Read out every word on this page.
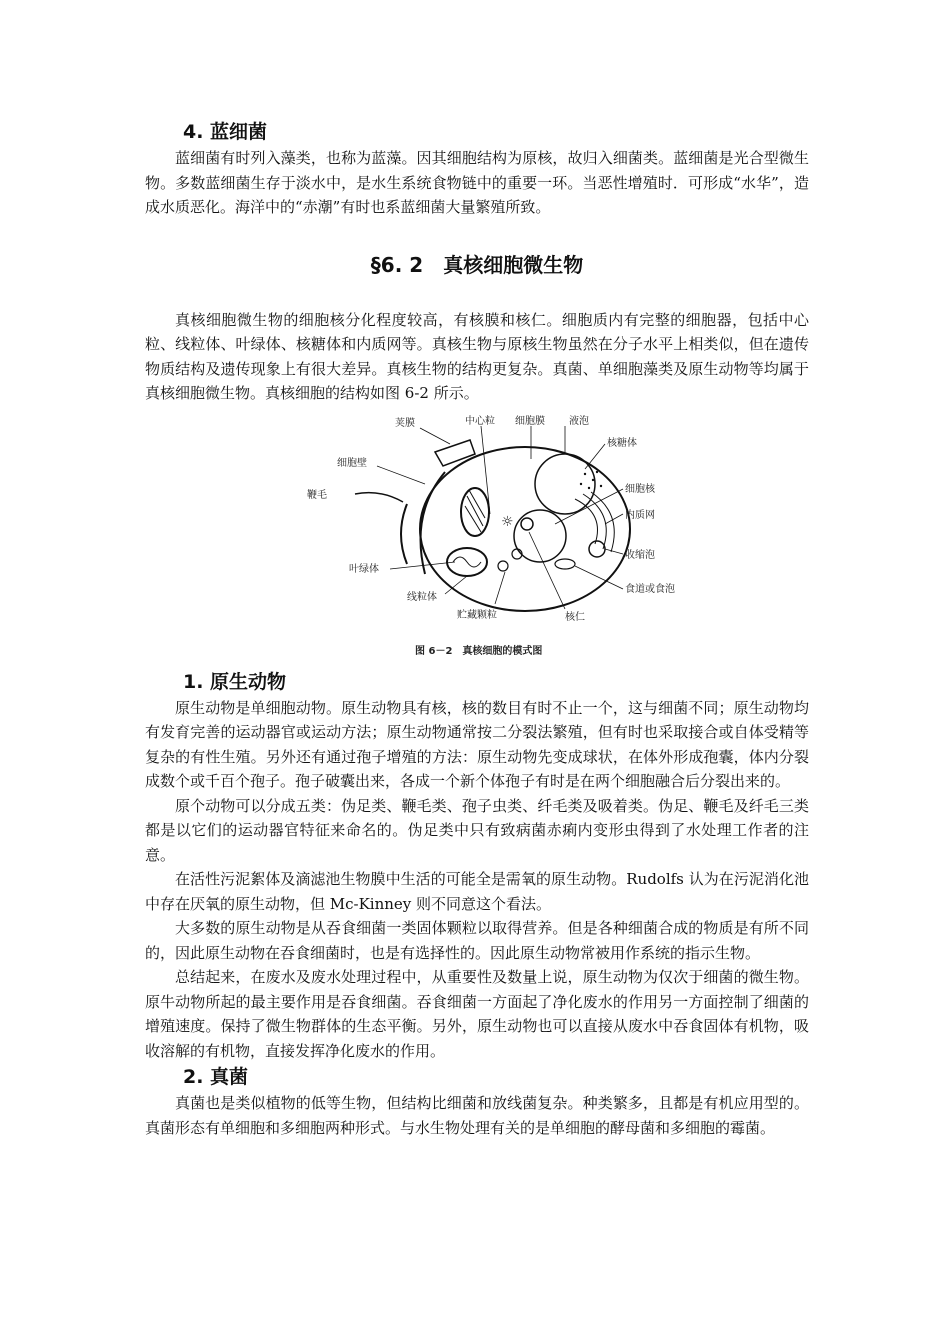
4. 蓝细菌

蓝细菌有时列入藻类，也称为蓝藻。因其细胞结构为原核，故归入细菌类。蓝细菌是光合型微生物。多数蓝细菌生存于淡水中，是水生系统食物链中的重要一环。当恶性增殖时．可形成“水华”，造成水质恶化。海洋中的“赤潮”有时也系蓝细菌大量繁殖所致。

§6. 2　真核细胞微生物

真核细胞微生物的细胞核分化程度较高，有核膜和核仁。细胞质内有完整的细胞器，包括中心粒、线粒体、叶绿体、核糖体和内质网等。真核生物与原核生物虽然在分子水平上相类似，但在遗传物质结构及遗传现象上有很大差异。真核生物的结构更复杂。真菌、单细胞藻类及原生动物等均属于真核细胞微生物。真核细胞的结构如图 6-2 所示。

☼
荚膜	中心粒 细胞膜 液泡
核糖体
细胞壁
细胞核
鞭毛
内质网
收缩泡
叶绿体
食道或食泡
线粒体
贮藏颗粒	核仁
图 6－2　真核细胞的模式图
1. 原生动物

原生动物是单细胞动物。原生动物具有核，核的数目有时不止一个，这与细菌不同；原生动物均有发育完善的运动器官或运动方法；原生动物通常按二分裂法繁殖，但有时也采取接合或自体受精等复杂的有性生殖。另外还有通过孢子增殖的方法：原生动物先变成球状，在体外形成孢囊，体内分裂成数个或千百个孢子。孢子破囊出来，各成一个新个体孢子有时是在两个细胞融合后分裂出来的。

原个动物可以分成五类：伪足类、鞭毛类、孢子虫类、纤毛类及吸着类。伪足、鞭毛及纤毛三类都是以它们的运动器官特征来命名的。伪足类中只有致病菌赤痢内变形虫得到了水处理工作者的注意。

在活性污泥絮体及滴滤池生物膜中生活的可能全是需氧的原生动物。Rudolfs 认为在污泥消化池中存在厌氧的原生动物，但 Mc-Kinney 则不同意这个看法。

大多数的原生动物是从吞食细菌一类固体颗粒以取得营养。但是各种细菌合成的物质是有所不同的，因此原生动物在吞食细菌时，也是有选择性的。因此原生动物常被用作系统的指示生物。

总结起来，在废水及废水处理过程中，从重要性及数量上说，原生动物为仅次于细菌的微生物。原牛动物所起的最主要作用是吞食细菌。吞食细菌一方面起了净化废水的作用另一方面控制了细菌的增殖速度。保持了微生物群体的生态平衡。另外，原生动物也可以直接从废水中吞食固体有机物，吸收溶解的有机物，直接发挥净化废水的作用。

2. 真菌

真菌也是类似植物的低等生物，但结构比细菌和放线菌复杂。种类繁多，且都是有机应用型的。真菌形态有单细胞和多细胞两种形式。与水生物处理有关的是单细胞的酵母菌和多细胞的霉菌。
